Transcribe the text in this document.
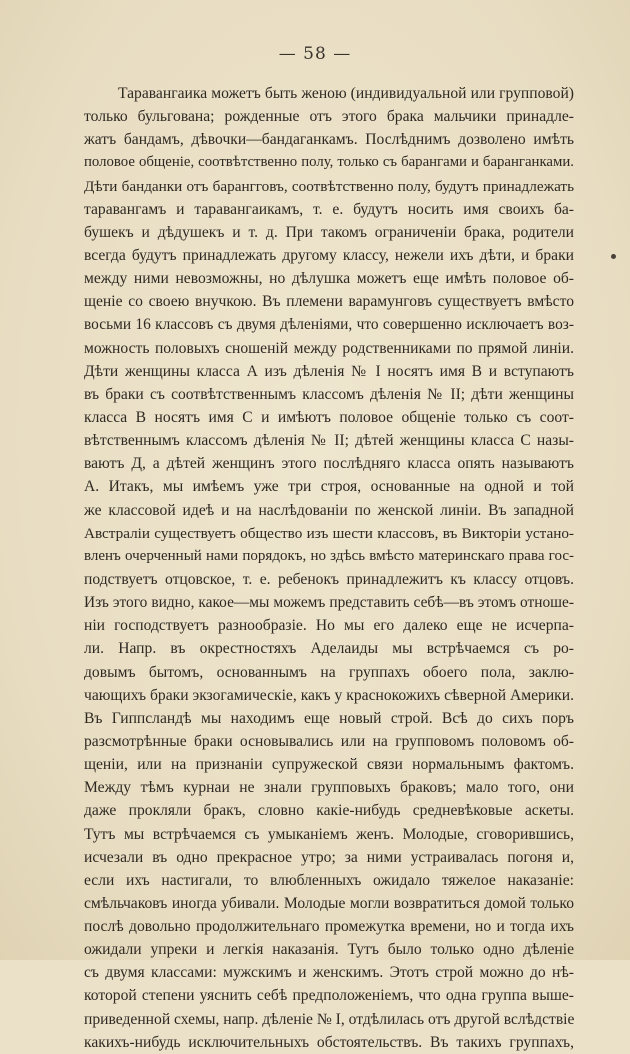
— 58 —
Таравангаика можетъ быть женою (индивидуальной или групповой)
только бульгована; рожденные отъ этого брака мальчики принадле-
жатъ бандамъ, дѣвочки—бандаганкамъ. Послѣднимъ дозволено имѣть
половое общеніе, соотвѣтственно полу, только съ барангами и баранганками.
Дѣти банданки отъ барангговъ, соотвѣтственно полу, будутъ принадлежать
таравангамъ и таравангаикамъ, т. е. будутъ носить имя своихъ ба-
бушекъ и дѣдушекъ и т. д. При такомъ ограниченіи брака, родители
всегда будутъ принадлежать другому классу, нежели ихъ дѣти, и браки
между ними невозможны, но дѣлушка можетъ еще имѣть половое об-
щеніе со своею внучкою. Въ племени варамунговъ существуетъ вмѣсто
восьми 16 классовъ съ двумя дѣленіями, что совершенно исключаетъ воз-
можность половыхъ сношеній между родственниками по прямой линіи.
Дѣти женщины класса А изъ дѣленія № I носятъ имя В и вступаютъ
въ браки съ соотвѣтственнымъ классомъ дѣленія № II; дѣти женщины
класса В носятъ имя С и имѣютъ половое общеніе только съ соот-
вѣтственнымъ классомъ дѣленія № II; дѣтей женщины класса С назы-
ваютъ Д, а дѣтей женщинъ этого послѣдняго класса опять называютъ
А. Итакъ, мы имѣемъ уже три строя, основанные на одной и той
же классовой идеѣ и на наслѣдованіи по женской линіи. Въ западной
Австраліи существуетъ общество изъ шести классовъ, въ Викторіи устано-
вленъ очерченный нами порядокъ, но здѣсь вмѣсто материнскаго права гос-
подствуетъ отцовское, т. е. ребенокъ принадлежитъ къ классу отцовъ.
Изъ этого видно, какое—мы можемъ представить себѣ—въ этомъ отноше-
ніи господствуетъ разнообразіе. Но мы его далеко еще не исчерпа-
ли. Напр. въ окрестностяхъ Аделаиды мы встрѣчаемся съ ро-
довымъ бытомъ, основаннымъ на группахъ обоего пола, заклю-
чающихъ браки экзогамическіе, какъ у краснокожихъ сѣверной Америки.
Въ Гиппсландѣ мы находимъ еще новый строй. Всѣ до сихъ поръ
разсмотрѣнные браки основывались или на групповомъ половомъ об-
щеніи, или на признаніи супружеской связи нормальнымъ фактомъ.
Между тѣмъ курнаи не знали групповыхъ браковъ; мало того, они
даже прокляли бракъ, словно какіе-нибудь средневѣковые аскеты.
Тутъ мы встрѣчаемся съ умыканіемъ женъ. Молодые, сговорившись,
исчезали въ одно прекрасное утро; за ними устраивалась погоня и,
если ихъ настигали, то влюбленныхъ ожидало тяжелое наказаніе:
смѣльчаковъ иногда убивали. Молодые могли возвратиться домой только
послѣ довольно продолжительнаго промежутка времени, но и тогда ихъ
ожидали упреки и легкія наказанія. Тутъ было только одно дѣленіе
съ двумя классами: мужскимъ и женскимъ. Этотъ строй можно до нѣ-
которой степени уяснить себѣ предположеніемъ, что одна группа выше-
приведенной схемы, напр. дѣленіе № I, отдѣлилась отъ другой вслѣдствіе
какихъ-нибудь исключительныхъ обстоятельствъ. Въ такихъ группахъ,
